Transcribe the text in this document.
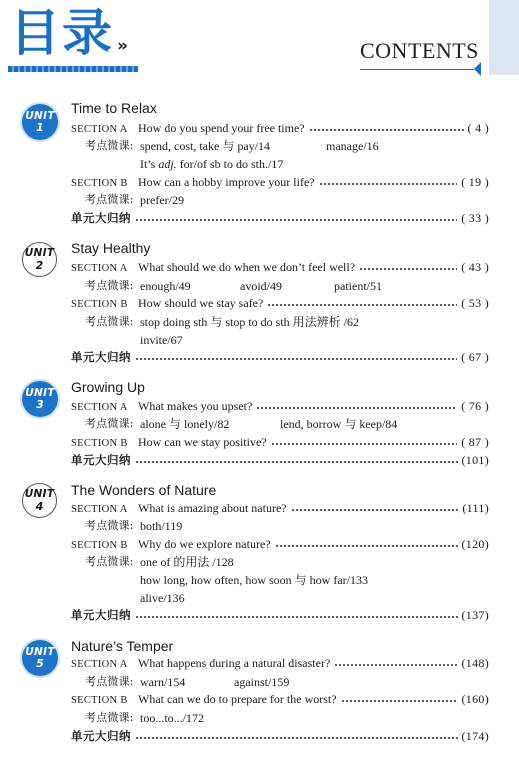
目录 »	CONTENTS
UNIT
1
Time to Relax
SECTION A How do you spend your free time?	( 4 )
考点微课: spend, cost, take 与 pay/14	manage/16
It’s adj. for/of sb to do sth./17
SECTION B How can a hobby improve your life?	( 19 )
考点微课: prefer/29
单元大归纳	( 33 )
UNIT
2
Stay Healthy
SECTION A What should we do when we don’t feel well?	( 43 )
考点微课: enough/49	avoid/49	patient/51
SECTION B How should we stay safe?	( 53 )
考点微课: stop doing sth 与 stop to do sth 用法辨析 /62
invite/67
单元大归纳	( 67 )
UNIT
3
Growing Up
SECTION A What makes you upset?	( 76 )
考点微课: alone 与 lonely/82	lend, borrow 与 keep/84
SECTION B How can we stay positive?	( 87 )
单元大归纳	(101)
UNIT
4
The Wonders of Nature
SECTION A What is amazing about nature?	(111)
考点微课: both/119
SECTION B Why do we explore nature?	(120)
考点微课: one of 的用法 /128
how long, how often, how soon 与 how far/133
alive/136
单元大归纳	(137)
UNIT
5
Nature’s Temper
SECTION A What happens during a natural disaster?	(148)
考点微课: warn/154	against/159
SECTION B What can we do to prepare for the worst?	(160)
考点微课: too...to.../172
单元大归纳	(174)
